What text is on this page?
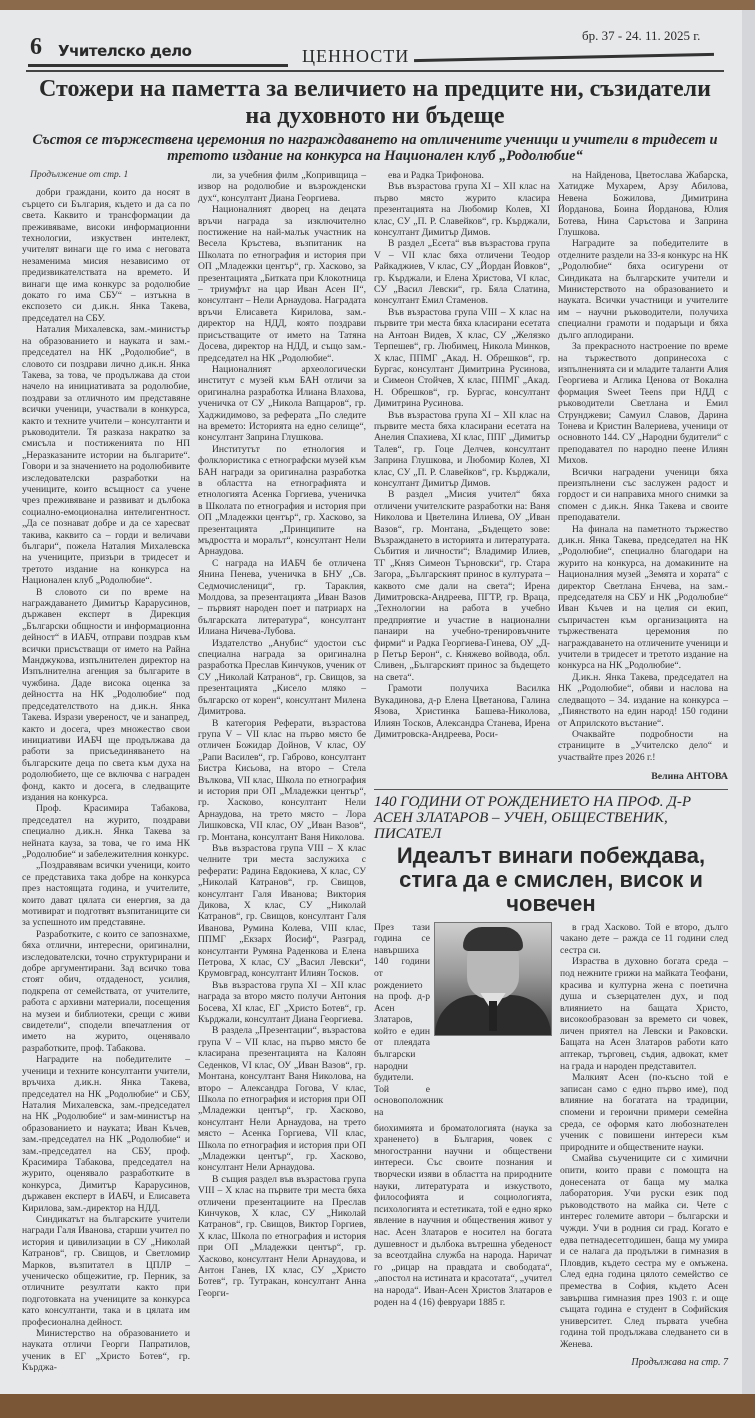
6 Учителско дело	ЦЕННОСТИ
бр. 37 - 24. 11. 2025 г.
Стожери на паметта за величието на предците ни, съзидатели на духовното ни бъдеще
Състоя се тържествена церемония по награждаването на отличените ученици и учители в тридесет и третото издание на конкурса на Национален клуб „Родолюбие“
Продължение от стр. 1

добри граждани, които да носят в сърцето си България, където и да са по света. Каквито и трансформации да преживяваме, високи информационни технологии, изкуствен интелект, учителят винаги ще го има с неговата незаменима мисия независимо от предизвикателствата на времето. И винаги ще има конкурс за родолюбие докато го има СБУ“ – изтъкна в експозето си д.ик.н. Янка Такева, председател на СБУ.

Наталия Михалевска, зам.-министър на образованието и науката и зам.-председател на НК „Родолюбие“, в словото си поздрави лично д.ик.н. Янка Такева, за това, че продължава да стои начело на инициативата за родолюбие, поздрави за отличното им представяне всички ученици, участвали в конкурса, както и техните учители – консултанти и ръководители. Тя разказа накратко за смисъла и постиженията по НП „Неразказаните истории на българите“. Говори и за значението на родолюбивите изследователски разработки на учениците, които всъщност са учене чрез преживяване и развиват и дълбока социално-емоционална интелигентност. „Да се познават добре и да се харесват такива, каквито са – горди и величави българи“, пожела Наталия Михалевска на учениците, призъри в тридесет и третото издание на конкурса на Национален клуб „Родолюбие“.

В словото си по време на награждаването Димитър Карарусинов, държавен експерт в Дирекция „Български общности и информационна дейност“ в ИАБЧ, отправи поздрав към всички присъстващи от името на Райна Манджукова, изпълнителен директор на Изпълнителна агенция за българите в чужбина. Даде висока оценка за дейността на НК „Родолюбие“ под председателството на д.ик.н. Янка Такева. Изрази увереност, че и занапред, както и досега, чрез множество свои инициативи ИАБЧ ще продължава да работи за присъединяването на българските деца по света към духа на родолюбието, ще се включва с награден фонд, както и досега, в следващите издания на конкурса.

Проф. Красимира Табакова, председател на журито, поздрави специално д.ик.н. Янка Такева за нейната кауза, за това, че го има НК „Родолюбие“ и забележителния конкурс.

„Поздравявам всички ученици, които се представиха така добре на конкурса през настоящата година, и учителите, които дават цялата си енергия, за да мотивират и подготвят възпитаниците си за успешното им представяне.

Разработките, с които се запознахме, бяха отлични, интересни, оригинални, изследователски, точно структурирани и добре аргументирани. Зад всичко това стоят обич, отдаденост, усилия, подкрепа от семействата, от учителите, работа с архивни материали, посещения на музеи и библиотеки, срещи с живи свидетели“, сподели впечатления от името на журито, оценявало разработките, проф. Табакова.

Наградите на победителите – ученици и техните консултанти учители, връчиха д.ик.н. Янка Такева, председател на НК „Родолюбие“ и СБУ, Наталия Михалевска, зам.-председател на НК „Родолюбие“ и зам-министър на образованието и науката; Иван Къчев, зам.-председател на НК „Родолюбие“ и зам.-председател на СБУ, проф. Красимира Табакова, председател на журито, оценявало разработките в конкурса, Димитър Карарусинов, държавен експерт в ИАБЧ, и Елисавета Кирилова, зам.-директор на НДД.

Синдикатът на българските учители награди Галя Иванова, старши учител по история и цивилизации в СУ „Николай Катранов“, гр. Свищов, и Светломир Марков, възпитател в ЦПЛР – ученическо общежитие, гр. Перник, за отличните резултати както при подготовката на учениците за конкурса като консултанти, така и в цялата им професионална дейност.

Министерство на образованието и науката отличи Георги Папратилов, ученик в ЕГ „Христо Ботев“, гр. Кърджа-

ли, за учебния филм „Копривщица – извор на родолюбие и възрожденски дух“, консултант Диана Георгиева.

Националният дворец на децата връчи награда за изключително постижение на най-малък участник на Весела Кръстева, възпитаник на Школата по етнография и история при ОП „Младежки център“, гр. Хасково, за презентацията „Битката при Клокотница – триумфът на цар Иван Асен II“, консултант – Нели Арнаудова. Наградата връчи Елисавета Кирилова, зам.-директор на НДД, която поздрави присъстващите от името на Татяна Досева, директор на НДД, и също зам.-председател на НК „Родолюбие“.

Националният археологически институт с музей към БАН отличи за оригинална разработка Илиана Влахова, ученичка от СУ „Никола Вапцаров“, гр. Хаджидимово, за реферата „По следите на времето: Историята на едно селище“, консултант Заприна Глушкова.

Институтът по етнология и фолклористика с етнографски музей към БАН награди за оригинална разработка в областта на етнографията и етнологията Асенка Горгиева, ученичка в Школата по етнография и история при ОП „Младежки център“, гр. Хасково, за презентацията „Принципите на мъдростта и моралът“, консултант Нели Арнаудова.

С награда на ИАБЧ бе отличена Янина Пенева, ученичка в БНУ „Св. Седмочисленици“, гр. Тараклия, Молдова, за презентацията „Иван Вазов – първият народен поет и патриарх на българската литература“, консултант Илиана Ничева-Лубова.

Издателство „Анубис“ удостои със специална награда за оригинална разработка Преслав Кинчуков, ученик от СУ „Николай Катранов“, гр. Свищов, за презентацията „Кисело мляко – българско от корен“, консултант Милена Димитрова.

В категория Реферати, възрастова група V – VII клас на първо място бе отличен Божидар Дойнов, V клас, ОУ „Рапи Василев“, гр. Габрово, консултант Бистра Кисьова, на второ – Стела Вълкова, VII клас, Школа по етнография и история при ОП „Младежки център“, гр. Хасково, консултант Нели Арнаудова, на трето място – Лора Лишковска, VII клас, ОУ „Иван Вазов“, гр. Монтана, консултант Ваня Николова.

Във възрастова група VIII – X клас челните три места заслужиха с реферати: Радина Евдокиева, X клас, СУ „Николай Катранов“, гр. Свищов, консултант Галя Иванова; Виктория Дикова, X клас, СУ „Николай Катранов“, гр. Свищов, консултант Галя Иванова, Румина Колева, VIII клас, ППМГ „Екзарх Йосиф“, Разград, консултанти Румяна Раденкова и Елена Петрова, X клас, СУ „Васил Левски“, Крумовград, консултант Илиян Тосков.

Във възрастова група XI – XII клас награда за второ място получи Антония Босева, XI клас, ЕГ „Христо Ботев“, гр. Кърджали, консултант Диана Георгиева.

В раздела „Презентации“, възрастова група V – VII клас, на първо място бе класирана презентацията на Калоян Седенков, VI клас, ОУ „Иван Вазов“, гр. Монтана, консултант Ваня Николова, на второ – Александра Гогова, V клас, Школа по етнография и история при ОП „Младежки център“, гр. Хасково, консултант Нели Арнаудова, на трето място – Асенка Горгиева, VII клас, Школа по етнография и история при ОП „Младежки център“, гр. Хасково, консултант Нели Арнаудова.

В същия раздел във възрастова група VIII – X клас на първите три места бяха отличени презентациите на Преслав Кинчуков, X клас, СУ „Николай Катранов“, гр. Свищов, Виктор Горгиев, X клас, Школа по етнография и история при ОП „Младежки център“, гр. Хасково, консултант Нели Арнаудова, и Антон Ганев, IX клас, СУ „Христо Ботев“, гр. Тутракан, консултант Анна Георги-

ева и Радка Трифонова.

Във възрастова група XI – XII клас на първо място журито класира презентацията на Любомир Колев, XI клас, СУ „П. Р. Славейков“, гр. Кърджали, консултант Димитър Димов.

В раздел „Есета“ във възрастова група V – VII клас бяха отличени Теодор Райкаджиев, V клас, СУ „Йордан Йовков“, гр. Кърджали, и Елена Христова, VI клас, СУ „Васил Левски“, гр. Бяла Слатина, консултант Емил Стаменов.

Във възрастова група VIII – X клас на първите три места бяха класирани есетата на Антоан Видев, X клас, СУ „Желязко Терпешев“, гр. Любимец, Никола Минков, X клас, ППМГ „Акад. Н. Обрешков“, гр. Бургас, консултант Димитрина Русинова, и Симеон Стойчев, X клас, ППМГ „Акад. Н. Обрешков“, гр. Бургас, консултант Димитрина Русинова.

Във възрастова група XI – XII клас на първите места бяха класирани есетата на Анелия Спахиева, XI клас, ППГ „Димитър Талев“, гр. Гоце Делчев, консултант Заприна Глушкова, и Любомир Колев, XI клас, СУ „П. Р. Славейков“, гр. Кърджали, консултант Димитър Димов.

В раздел „Мисия учител“ бяха отличени учителските разработки на: Ваня Николова и Цветелина Илиева, ОУ „Иван Вазов“, гр. Монтана, „Бъдещето зове: Възраждането в историята и литературата. Събития и личности“; Владимир Илиев, ТГ „Княз Симеон Търновски“, гр. Стара Загора, „Българският принос в културата – каквото сме дали на света“; Ирена Димитровска-Андреева, ПГТР, гр. Враца, „Технологии на работа в учебно предприятие и участие в национални панаири на учебно-тренировъчните фирми“ и Радка Георгиева-Гинева, ОУ „Д-р Петър Берон“, с. Княжево войвода, обл. Сливен, „Българският принос за бъдещето на света“.

Грамоти получиха Василка Вукадинова, д-р Елена Цветанова, Галина Язова, Христинка Башева-Николова, Илиян Тосков, Александра Станева, Ирена Димитровска-Андреева, Роси-

на Найденова, Цветослава Жабарска, Хатидже Мухарем, Арзу Абилова, Невена Божилова, Димитрина Йорданова, Боина Йорданова, Юлия Ботева, Нина Саръстова и Заприна Глушкова.

Наградите за победителите в отделните раздели на 33-я конкурс на НК „Родолюбие“ бяха осигурени от Синдиката на българските учители и Министерството на образованието и науката. Всички участници и учителите им – научни ръководители, получиха специални грамоти и подаръци и бяха дълго аплодирани.

За прекрасното настроение по време на тържеството допринесоха с изпълненията си и младите таланти Алия Георгиева и Аглика Ценова от Вокална формация Sweet Teens при НДД с ръководители Светлана и Емил Струнджеви; Самуил Славов, Дарина Тонева и Кристин Валериева, ученици от основното 144. СУ „Народни будители“ с преподавател по народно пеене Илиян Михов.

Всички наградени ученици бяха преизпълнени със заслужен радост и гордост и си направиха много снимки за спомен с д.ик.н. Янка Такева и своите преподаватели.

На финала на паметното тържество д.ик.н. Янка Такева, председател на НК „Родолюбие“, специално благодари на журито на конкурса, на домакините на Националния музей „Земята и хората“ с директор Светлана Енчева, на зам.-председателя на СБУ и НК „Родолюбие“ Иван Къчев и на целия си екип, съпричастен към организацията на тържествената церемония по награждаването на отличените ученици и учители в тридесет и третото издание на конкурса на НК „Родолюбие“.

Д.ик.н. Янка Такева, председател на НК „Родолюбие“, обяви и наслова на следващото – 34. издание на конкурса – „Пиянството на един народ! 150 години от Априлското въстание“.

Очаквайте подробности на страниците в „Учителско дело“ и участвайте през 2026 г.!

Велина АНТОВА
140 ГОДИНИ ОТ РОЖДЕНИЕТО НА ПРОФ. Д-Р АСЕН ЗЛАТАРОВ – УЧЕН, ОБЩЕСТВЕНИК, ПИСАТЕЛ
Идеалът винаги побеждава, стига да е смислен, висок и човечен
През тази година се навършиха 140 години от рождението на проф. д-р Асен Златаров, който е един от плеядата български народни будители. Той е основоположник на
биохимията и броматологията (наука за храненето) в България, човек с многостранни научни и обществени интереси. Със своите познания и творчески изяви в областта на природните науки, литературата и изкуството, философията и социологията, психологията и естетиката, той е едно ярко явление в научния и обществения живот у нас. Асен Златаров е носител на богата душевност и дълбока вътрешна убеденост за всеотдайна служба на народа. Наричат го „рицар на правдата и свободата“, „апостол на истината и красотата“, „учител на народа“. Иван-Асен Христов Златаров е роден на 4 (16) февруари 1885 г.

в град Хасково. Той е второ, дълго чакано дете – ражда се 11 години след сестра си.

Израства в духовно богата среда – под нежните грижи на майката Теофани, красива и културна жена с поетична душа и съзерцателен дух, и под влиянието на бащата Христо, високообразован за времето си човек, личен приятел на Левски и Раковски. Бащата на Асен Златаров работи като аптекар, търговец, съдия, адвокат, кмет на града и народен представител.

Малкият Асен (по-късно той е записан само с едно първо име), под влияние на богатата на традиции, спомени и героични примери семейна среда, се оформя като любознателен ученик с повишени интереси към природните и обществените науки.

Смайва съучениците си с химични опити, които прави с помощта на донесената от баща му малка лаборатория. Учи руски език под ръководството на майка си. Чете с интерес големите автори – български и чужди. Учи в родния си град. Когато е едва петнадесетгодишен, баща му умира и се налага да продължи в гимназия в Пловдив, където сестра му е омъжена. След една година цялото семейство се премества в София, където Асен завършва гимназия през 1903 г. и още същата година е студент в Софийския университет. След първата учебна година той продължава следването си в Женева.

Продължава на стр. 7
